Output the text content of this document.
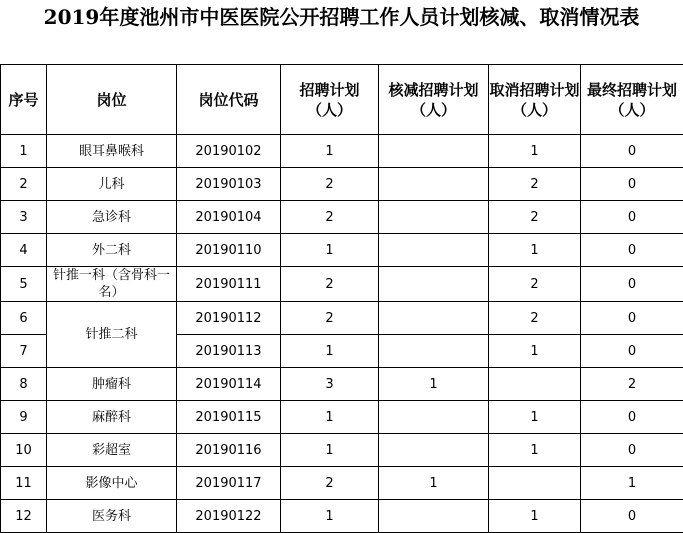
2019年度池州市中医医院公开招聘工作人员计划核减、取消情况表
序号	岗位	岗位代码	招聘计划（人）	核减招聘计划（人）	取消招聘计划（人）	最终招聘计划（人）
1	眼耳鼻喉科	20190102	1		1	0
2	儿科	20190103	2		2	0
3	急诊科	20190104	2		2	0
4	外二科	20190110	1		1	0
5	针推一科（含骨科一名）	20190111	2		2	0
6	针推二科	20190112	2		2	0
7		20190113	1		1	0
8	肿瘤科	20190114	3	1		2
9	麻醉科	20190115	1		1	0
10	彩超室	20190116	1		1	0
11	影像中心	20190117	2	1		1
12	医务科	20190122	1		1	0
